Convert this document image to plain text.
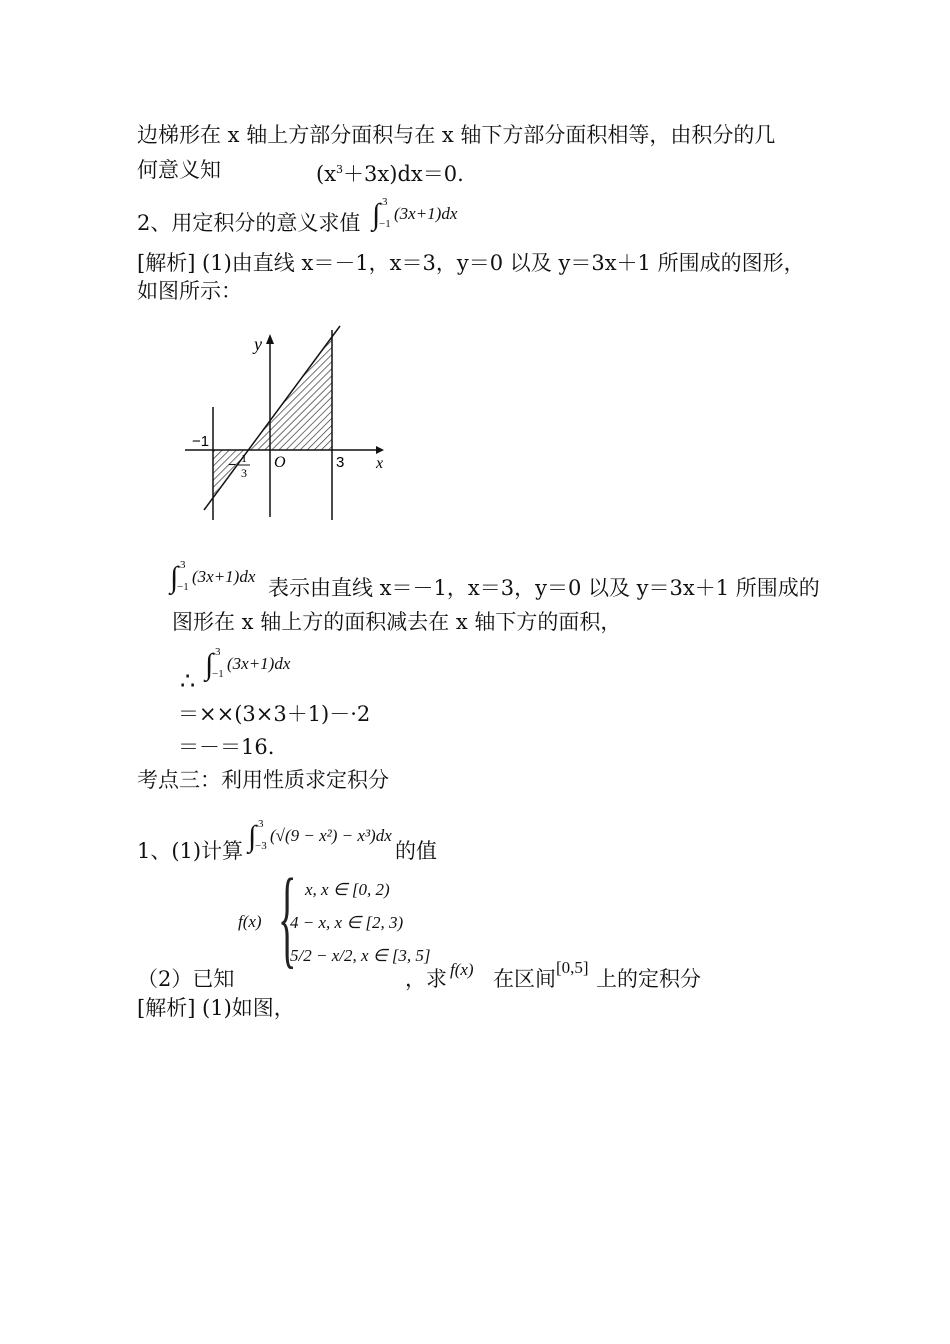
边梯形在 x 轴上方部分面积与在 x 轴下方部分面积相等，由积分的几
何意义知	$(x^3+3x)dx=0$.
2、用定积分的意义求值 ∫ 3
−1
(3x+1)dx
[解析] (1)由直线 x＝－1，x＝3，y＝0 以及 y＝3x＋1 所围成的图形，
如图所示：
y
x
O
−1
3
− 1
3
∫ 3
−1
(3x+1)dx 表示由直线 x＝－1，x＝3，y＝0 以及 y＝3x＋1 所围成的
图形在 x 轴上方的面积减去在 x 轴下方的面积，
∴ ∫ 3
−1
(3x+1)dx
＝××(3×3＋1)－·2
＝－＝16.
考点三：利用性质求定积分
1、(1)计算 ∫ 3
−3
(√(9 − x²) − x³)dx
的值
f(x) { x, x ∈ [0, 2)
4 − x, x ∈ [2, 3)
5/2 − x/2, x ∈ [3, 5]
（2）已知	，求 f(x) 在区间 [0,5] 上的定积分
[解析] (1)如图，
